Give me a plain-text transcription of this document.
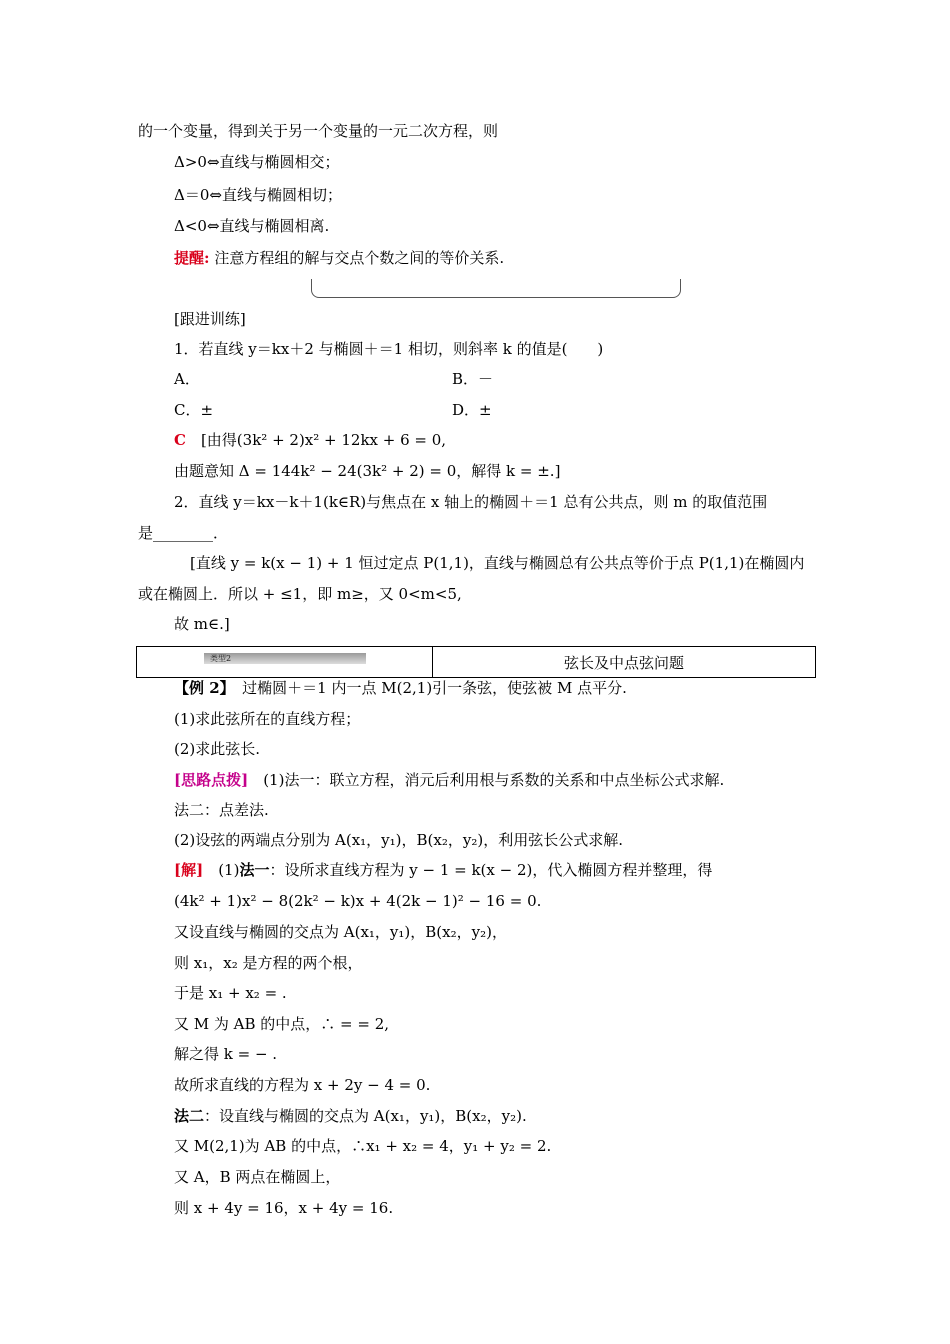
的一个变量，得到关于另一个变量的一元二次方程，则
Δ>0⇔直线与椭圆相交；
Δ＝0⇔直线与椭圆相切；
Δ<0⇔直线与椭圆相离.
提醒: 注意方程组的解与交点个数之间的等价关系.
[跟进训练]
1．若直线 y＝kx＋2 与椭圆＋＝1 相切，则斜率 k 的值是(　　)
A．	B．－
C．±	D．±
C　[由得(3k² + 2)x² + 12kx + 6 = 0,
由题意知 Δ = 144k² − 24(3k² + 2) = 0，解得 k = ±.]
2．直线 y＝kx－k＋1(k∈R)与焦点在 x 轴上的椭圆＋＝1 总有公共点，则 m 的取值范围
是________．
[直线 y = k(x − 1) + 1 恒过定点 P(1,1)，直线与椭圆总有公共点等价于点 P(1,1)在椭圆内
或在椭圆上．所以 + ≤1，即 m≥，又 0<m<5,
故 m∈.]
类型2	弦长及中点弦问题
【例 2】　过椭圆＋＝1 内一点 M(2,1)引一条弦，使弦被 M 点平分.
(1)求此弦所在的直线方程；
(2)求此弦长.
[思路点拨]　(1)法一：联立方程，消元后利用根与系数的关系和中点坐标公式求解.
法二：点差法.
(2)设弦的两端点分别为 A(x₁，y₁)，B(x₂，y₂)，利用弦长公式求解.
[解]　(1)法一：设所求直线方程为 y − 1 = k(x − 2)，代入椭圆方程并整理，得
(4k² + 1)x² − 8(2k² − k)x + 4(2k − 1)² − 16 = 0.
又设直线与椭圆的交点为 A(x₁，y₁)，B(x₂，y₂)，
则 x₁，x₂ 是方程的两个根，
于是 x₁ + x₂ = .
又 M 为 AB 的中点，∴ = = 2,
解之得 k = − .
故所求直线的方程为 x + 2y − 4 = 0.
法二：设直线与椭圆的交点为 A(x₁，y₁)，B(x₂，y₂).
又 M(2,1)为 AB 的中点，∴x₁ + x₂ = 4，y₁ + y₂ = 2.
又 A，B 两点在椭圆上，
则 x + 4y = 16，x + 4y = 16.
